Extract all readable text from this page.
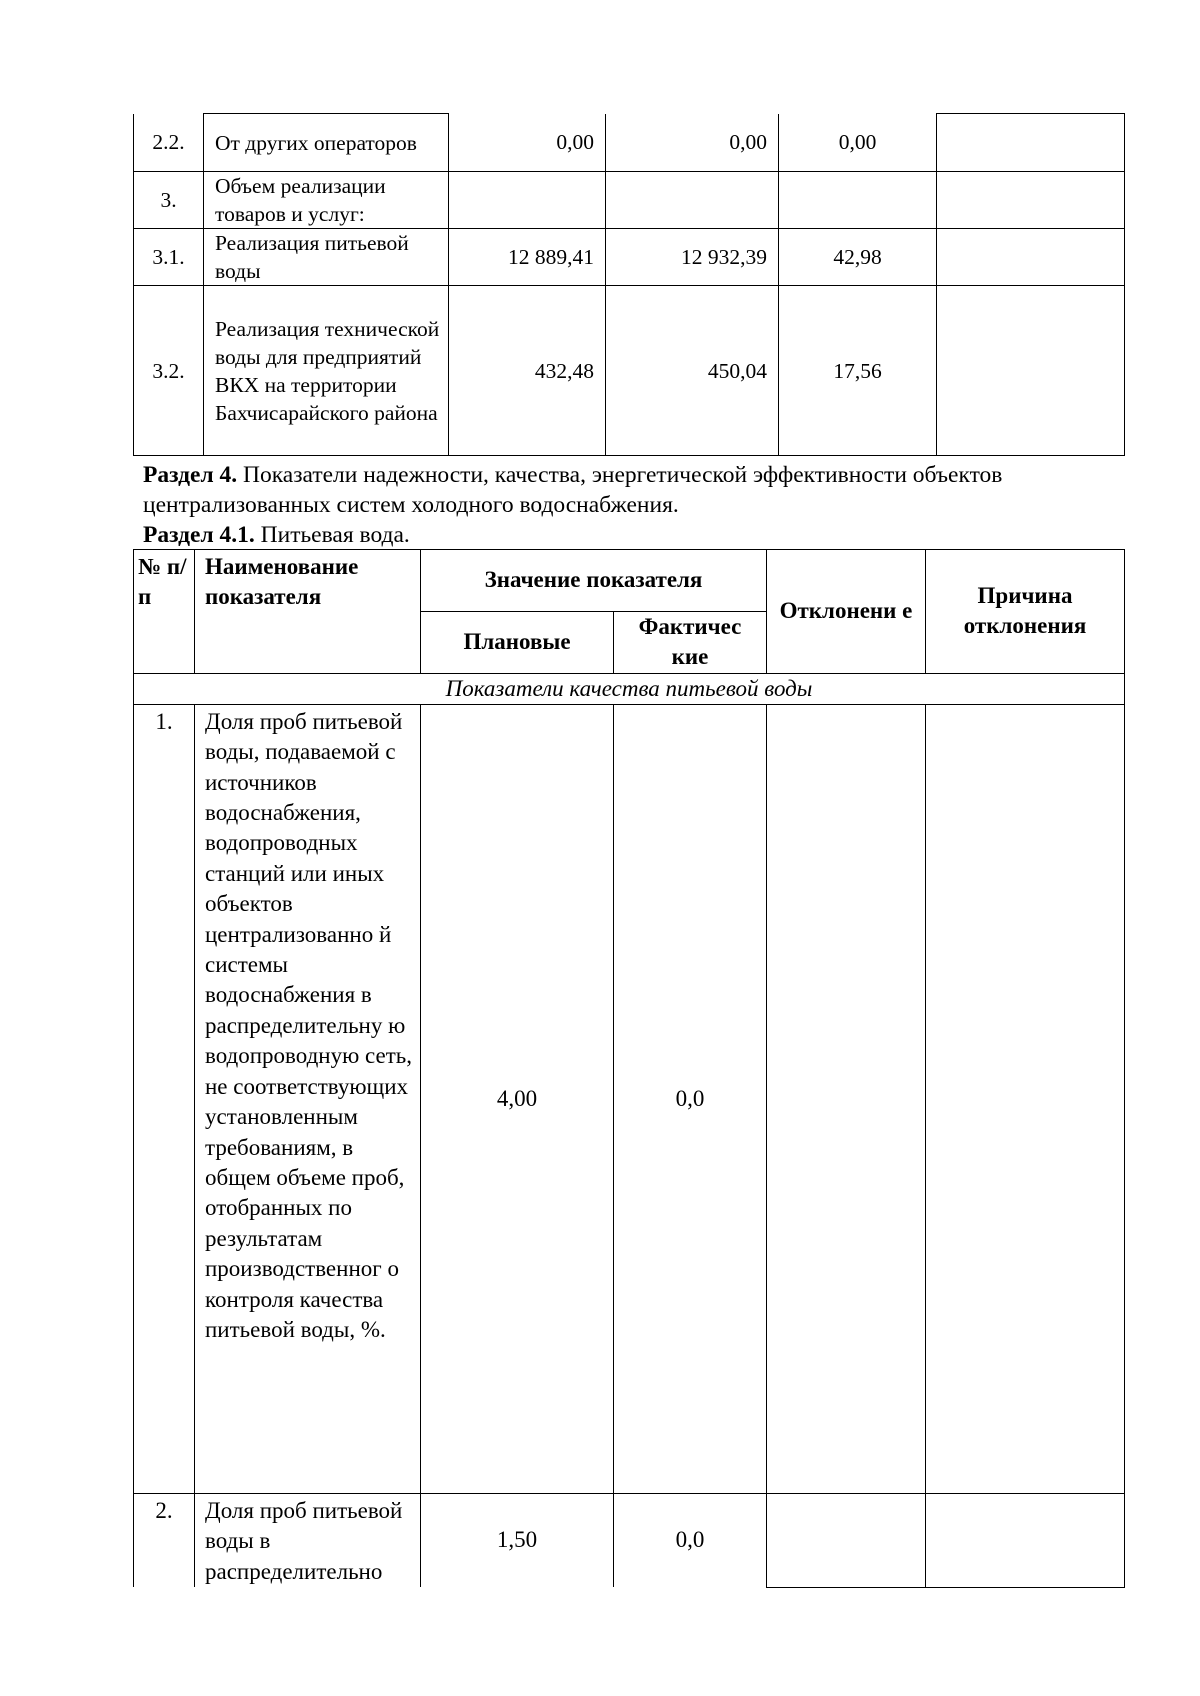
2.2.	От других операторов	0,00	0,00	0,00	
3.	Объем реализации товаров и услуг:				
3.1.	Реализация питьевой воды	12 889,41	12 932,39	42,98	
3.2.	Реализация технической воды для предприятий ВКХ на территории Бахчисарайского района	432,48	450,04	17,56	
Раздел 4. Показатели надежности, качества, энергетической эффективности объектов
централизованных систем холодного водоснабжения.
Раздел 4.1. Питьевая вода.
№ п/п	Наименование показателя	Значение показателя		Отклонени е	Причина отклонения
		Плановые	Фактичес кие		
Показатели качества питьевой воды					
1.	Доля проб питьевой воды, подаваемой с источников водоснабжения, водопроводных станций или иных объектов централизованно й системы водоснабжения в распределительну ю водопроводную сеть, не соответствующих установленным требованиям, в общем объеме проб, отобранных по результатам производственног о контроля качества питьевой воды, %.	4,00	0,0		
2.	Доля проб питьевой воды в распределительно	1,50	0,0		
